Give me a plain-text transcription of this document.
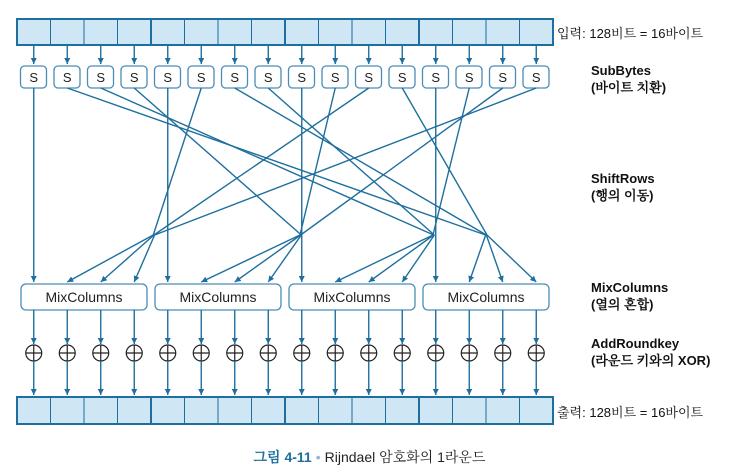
S S S S S S S S S S S S S S S S
MixColumns	MixColumns	MixColumns	MixColumns
입력: 128비트 = 16바이트
출력: 128비트 = 16바이트
SubBytes
(바이트 치환)
ShiftRows
(행의 이동)
MixColumns
(열의 혼합)
AddRoundkey
(라운드 키와의 XOR)
그림 4-11 • Rijndael 암호화의 1라운드
